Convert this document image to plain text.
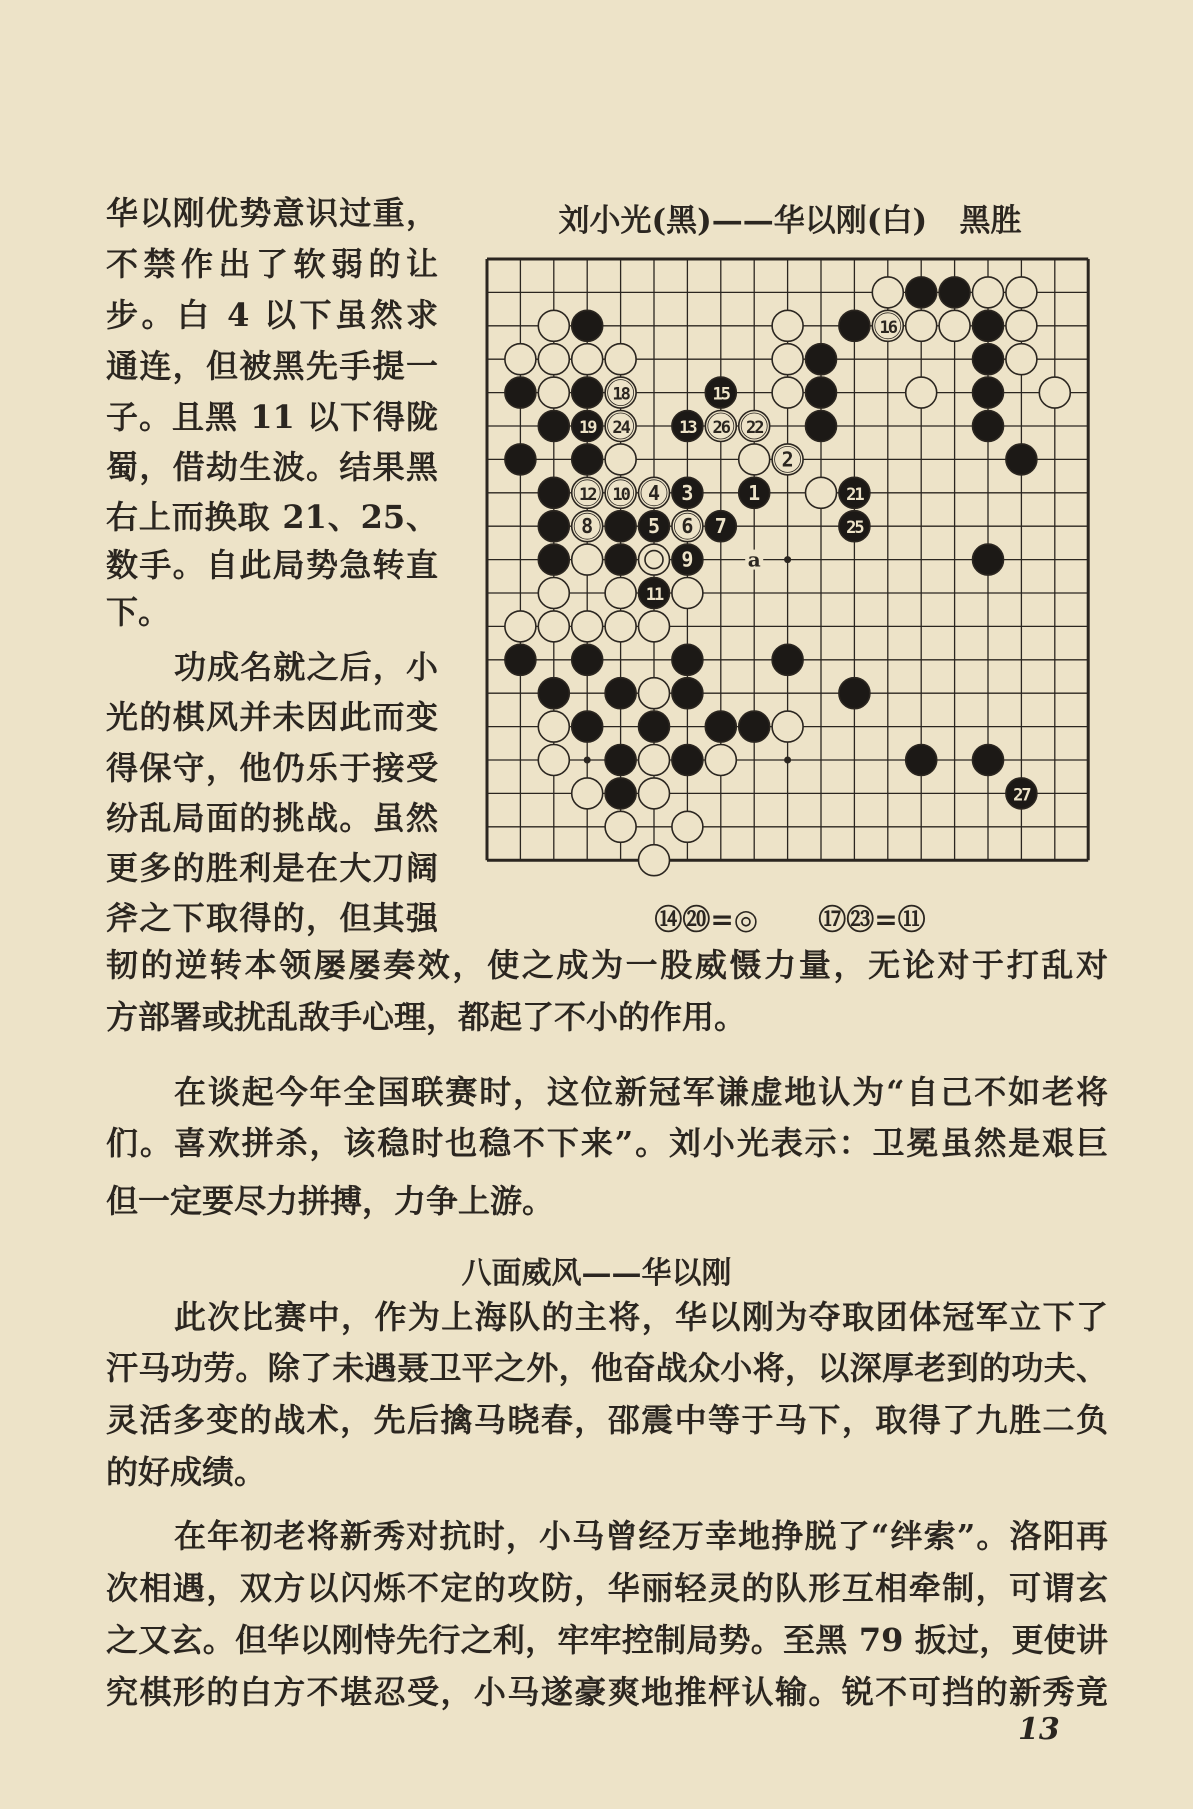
华以刚优势意识过重，
不禁作出了软弱的让
步。白 4 以下虽然求
通连，但被黑先手提一
子。且黑 11 以下得陇
蜀，借劫生波。结果黑
右上而换取 21、25、
数手。自此局势急转直
下。
功成名就之后，小
光的棋风并未因此而变
得保守，他仍乐于接受
纷乱局面的挑战。虽然
更多的胜利是在大刀阔
斧之下取得的，但其强
刘小光(黑)——华以刚(白)   黑胜
a
16
18	15
19 24	13 26 22
2
12 10 4 3	1	21
8	5 6 7	25
9
11
27
⑭⑳=◎ ⑰㉓=⑪
韧的逆转本领屡屡奏效，使之成为一股威慑力量，无论对于打乱对
方部署或扰乱敌手心理，都起了不小的作用。
在谈起今年全国联赛时，这位新冠军谦虚地认为“自己不如老将
们。喜欢拼杀，该稳时也稳不下来”。刘小光表示：卫冕虽然是艰巨
但一定要尽力拼搏，力争上游。
八面威风——华以刚
此次比赛中，作为上海队的主将，华以刚为夺取团体冠军立下了
汗马功劳。除了未遇聂卫平之外，他奋战众小将，以深厚老到的功夫、
灵活多变的战术，先后擒马晓春，邵震中等于马下，取得了九胜二负
的好成绩。
在年初老将新秀对抗时，小马曾经万幸地挣脱了“绊索”。洛阳再
次相遇，双方以闪烁不定的攻防，华丽轻灵的队形互相牵制，可谓玄
之又玄。但华以刚恃先行之利，牢牢控制局势。至黑 79 扳过，更使讲
究棋形的白方不堪忍受，小马遂豪爽地推枰认输。锐不可挡的新秀竟
13
